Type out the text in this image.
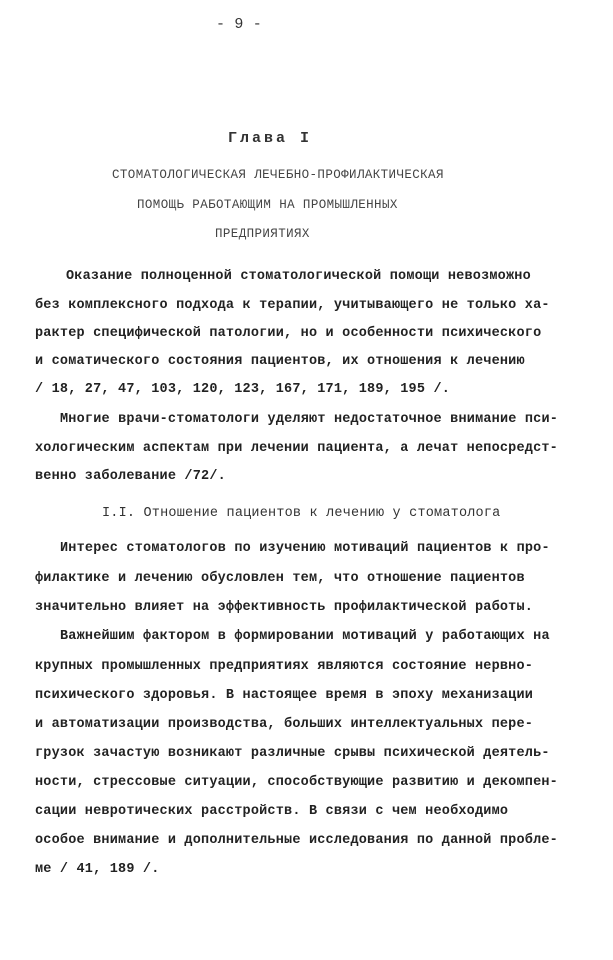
- 9 -
Глава I
СТОМАТОЛОГИЧЕСКАЯ ЛЕЧЕБНО-ПРОФИЛАКТИЧЕСКАЯ
ПОМОЩЬ РАБОТАЮЩИМ НА ПРОМЫШЛЕННЫХ
ПРЕДПРИЯТИЯХ
Оказание полноценной стоматологической помощи невозможно
без комплексного подхода к терапии, учитывающего не только ха-
рактер специфической патологии, но и особенности психического
и соматического состояния пациентов, их отношения к лечению
/ 18, 27, 47, 103, 120, 123, 167, 171, 189, 195 /.
Многие врачи-стоматологи уделяют недостаточное внимание пси-
хологическим аспектам при лечении пациента, а лечат непосредст-
венно заболевание /72/.
I.I. Отношение пациентов к лечению у стоматолога
Интерес стоматологов по изучению мотиваций пациентов к про-
филактике и лечению обусловлен тем, что отношение пациентов
значительно влияет на эффективность профилактической работы.
Важнейшим фактором в формировании мотиваций у работающих на
крупных промышленных предприятиях являются состояние нервно-
психического здоровья. В настоящее время в эпоху механизации
и автоматизации производства, больших интеллектуальных пере-
грузок зачастую возникают различные срывы психической деятель-
ности, стрессовые ситуации, способствующие развитию и декомпен-
сации невротических расстройств. В связи с чем необходимо
особое внимание и дополнительные исследования по данной пробле-
ме / 41, 189 /.
